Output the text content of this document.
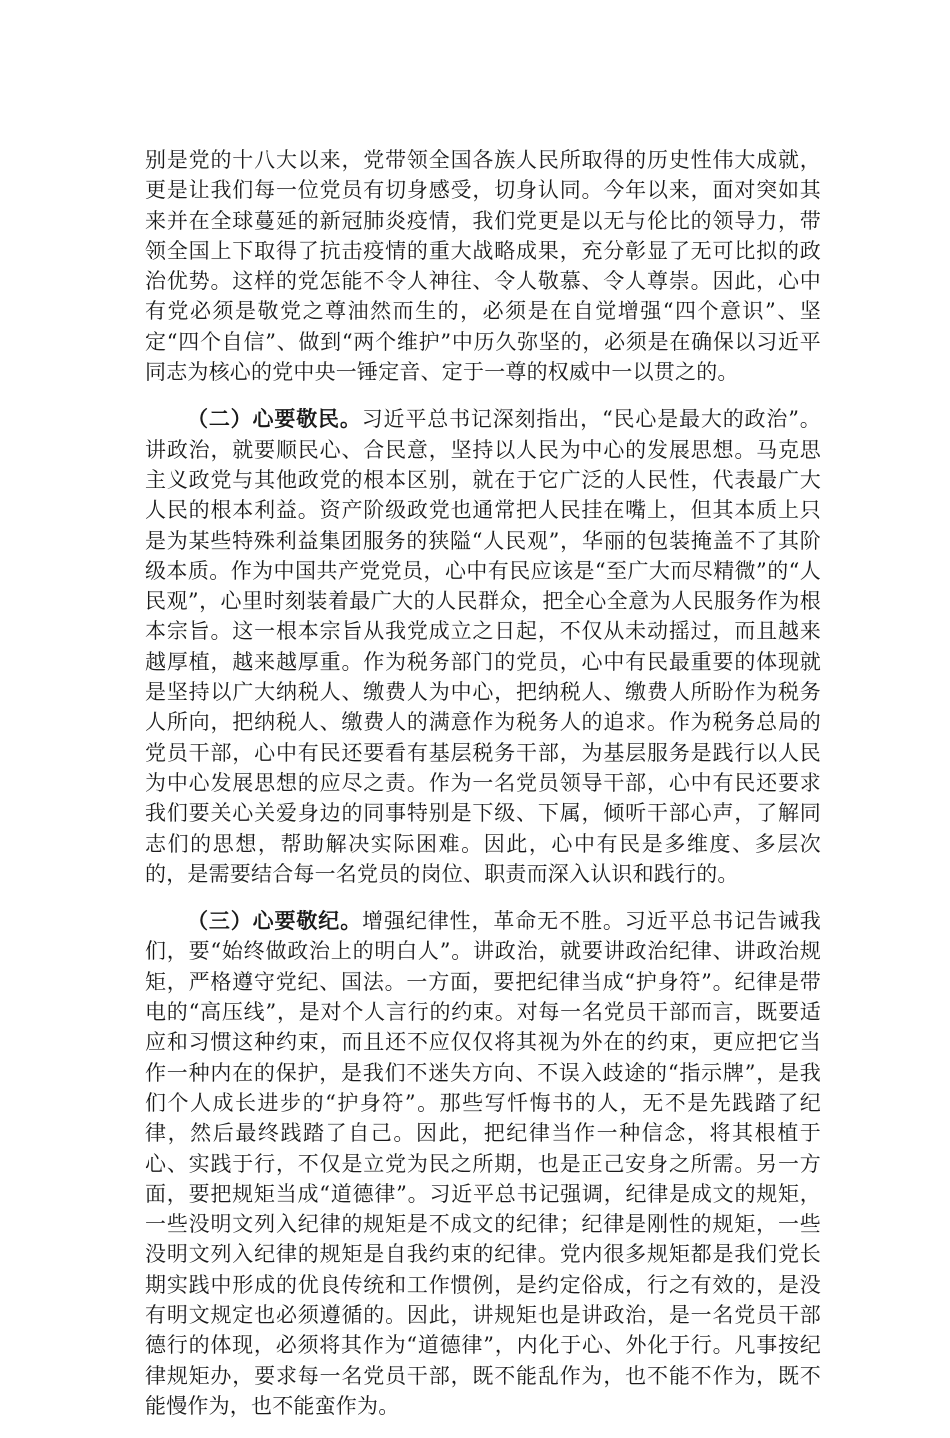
别是党的十八大以来，党带领全国各族人民所取得的历史性伟大成就，更是让我们每一位党员有切身感受，切身认同。今年以来，面对突如其来并在全球蔓延的新冠肺炎疫情，我们党更是以无与伦比的领导力，带领全国上下取得了抗击疫情的重大战略成果，充分彰显了无可比拟的政治优势。这样的党怎能不令人神往、令人敬慕、令人尊崇。因此，心中有党必须是敬党之尊油然而生的，必须是在自觉增强“四个意识”、坚定“四个自信”、做到“两个维护”中历久弥坚的，必须是在确保以习近平同志为核心的党中央一锤定音、定于一尊的权威中一以贯之的。

（二）心要敬民。习近平总书记深刻指出，“民心是最大的政治”。讲政治，就要顺民心、合民意，坚持以人民为中心的发展思想。马克思主义政党与其他政党的根本区别，就在于它广泛的人民性，代表最广大人民的根本利益。资产阶级政党也通常把人民挂在嘴上，但其本质上只是为某些特殊利益集团服务的狭隘“人民观”，华丽的包装掩盖不了其阶级本质。作为中国共产党党员，心中有民应该是“至广大而尽精微”的“人民观”，心里时刻装着最广大的人民群众，把全心全意为人民服务作为根本宗旨。这一根本宗旨从我党成立之日起，不仅从未动摇过，而且越来越厚植，越来越厚重。作为税务部门的党员，心中有民最重要的体现就是坚持以广大纳税人、缴费人为中心，把纳税人、缴费人所盼作为税务人所向，把纳税人、缴费人的满意作为税务人的追求。作为税务总局的党员干部，心中有民还要看有基层税务干部，为基层服务是践行以人民为中心发展思想的应尽之责。作为一名党员领导干部，心中有民还要求我们要关心关爱身边的同事特别是下级、下属，倾听干部心声，了解同志们的思想，帮助解决实际困难。因此，心中有民是多维度、多层次的，是需要结合每一名党员的岗位、职责而深入认识和践行的。

（三）心要敬纪。增强纪律性，革命无不胜。习近平总书记告诫我们，要“始终做政治上的明白人”。讲政治，就要讲政治纪律、讲政治规矩，严格遵守党纪、国法。一方面，要把纪律当成“护身符”。纪律是带电的“高压线”，是对个人言行的约束。对每一名党员干部而言，既要适应和习惯这种约束，而且还不应仅仅将其视为外在的约束，更应把它当作一种内在的保护，是我们不迷失方向、不误入歧途的“指示牌”，是我们个人成长进步的“护身符”。那些写忏悔书的人，无不是先践踏了纪律，然后最终践踏了自己。因此，把纪律当作一种信念，将其根植于心、实践于行，不仅是立党为民之所期，也是正己安身之所需。另一方面，要把规矩当成“道德律”。习近平总书记强调，纪律是成文的规矩，一些没明文列入纪律的规矩是不成文的纪律；纪律是刚性的规矩，一些没明文列入纪律的规矩是自我约束的纪律。党内很多规矩都是我们党长期实践中形成的优良传统和工作惯例，是约定俗成，行之有效的，是没有明文规定也必须遵循的。因此，讲规矩也是讲政治，是一名党员干部德行的体现，必须将其作为“道德律”，内化于心、外化于行。凡事按纪律规矩办，要求每一名党员干部，既不能乱作为，也不能不作为，既不能慢作为，也不能蛮作为。
